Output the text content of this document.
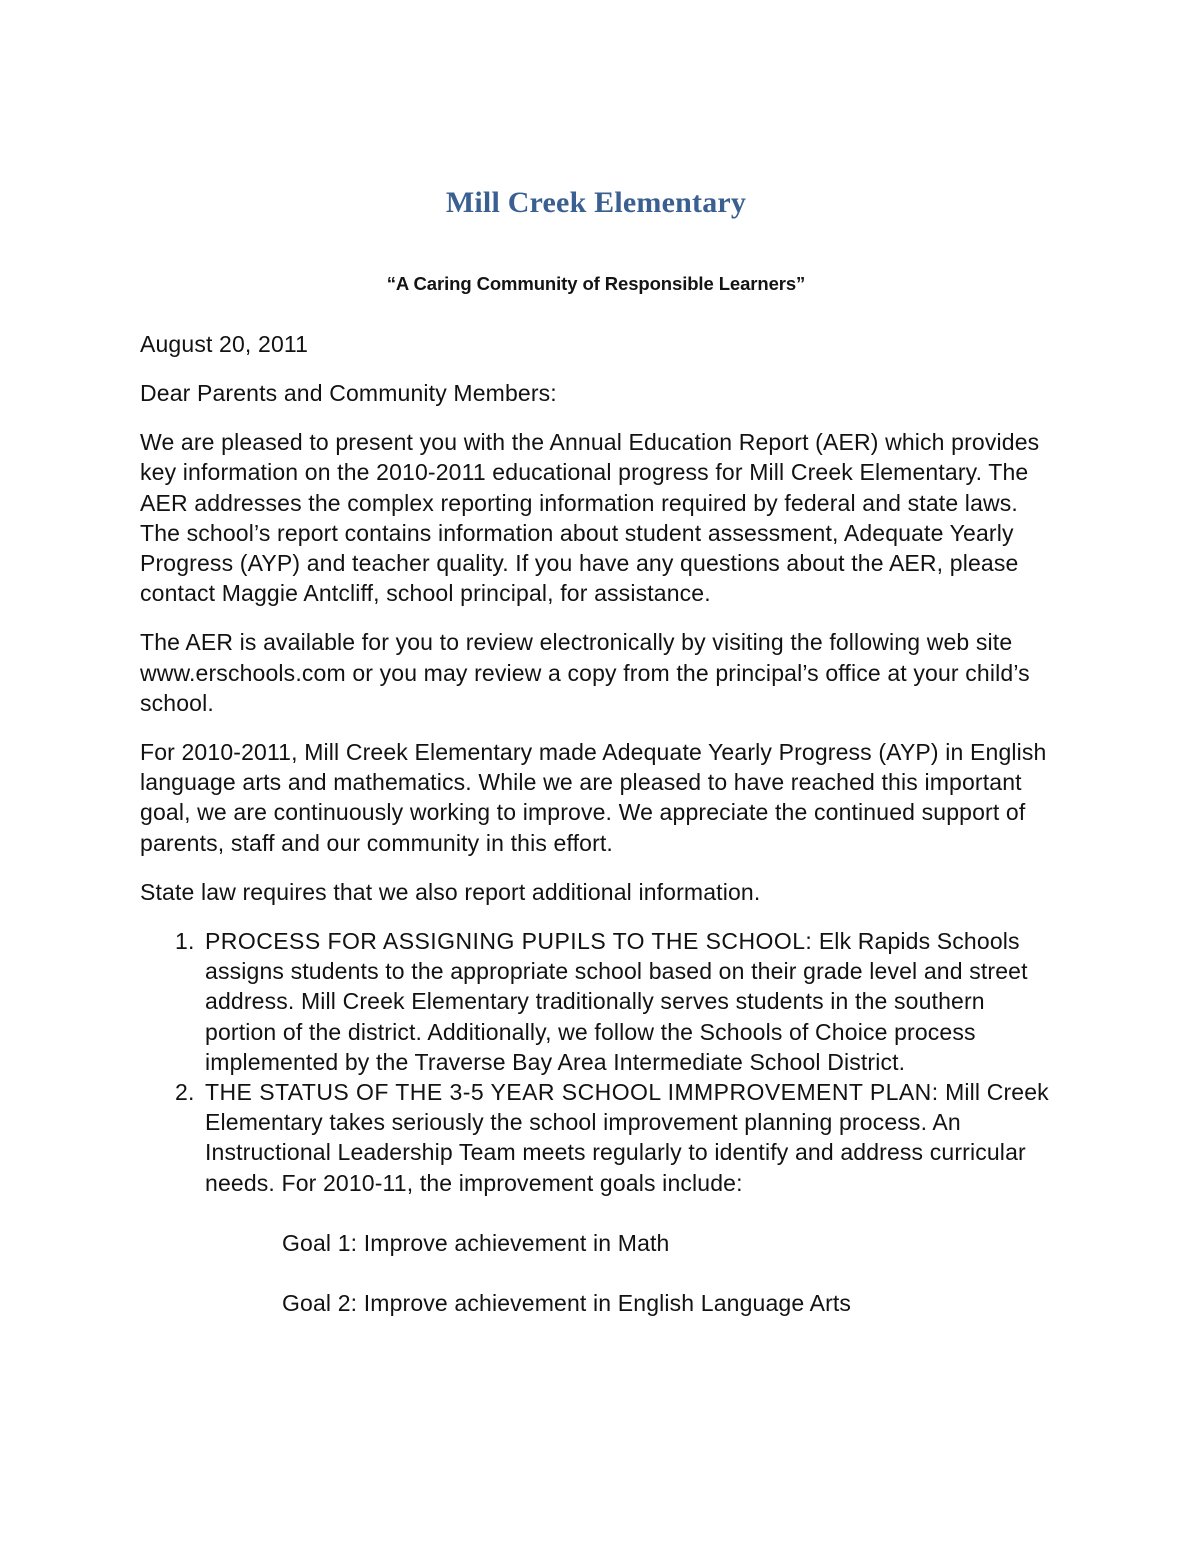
Mill Creek Elementary

“A Caring Community of Responsible Learners”

August 20, 2011

Dear Parents and Community Members:

We are pleased to present you with the Annual Education Report (AER) which provides key information on the 2010-2011 educational progress for Mill Creek Elementary. The AER addresses the complex reporting information required by federal and state laws. The school’s report contains information about student assessment, Adequate Yearly Progress (AYP) and teacher quality. If you have any questions about the AER, please contact Maggie Antcliff, school principal, for assistance.

The AER is available for you to review electronically by visiting the following web site www.erschools.com or you may review a copy from the principal’s office at your child’s school.

For 2010-2011, Mill Creek Elementary made Adequate Yearly Progress (AYP) in English language arts and mathematics. While we are pleased to have reached this important goal, we are continuously working to improve. We appreciate the continued support of parents, staff and our community in this effort.

State law requires that we also report additional information.

PROCESS FOR ASSIGNING PUPILS TO THE SCHOOL: Elk Rapids Schools assigns students to the appropriate school based on their grade level and street address. Mill Creek Elementary traditionally serves students in the southern portion of the district. Additionally, we follow the Schools of Choice process implemented by the Traverse Bay Area Intermediate School District.
THE STATUS OF THE 3-5 YEAR SCHOOL IMMPROVEMENT PLAN: Mill Creek Elementary takes seriously the school improvement planning process. An Instructional Leadership Team meets regularly to identify and address curricular needs. For 2010-11, the improvement goals include:

Goal 1: Improve achievement in Math

Goal 2: Improve achievement in English Language Arts
